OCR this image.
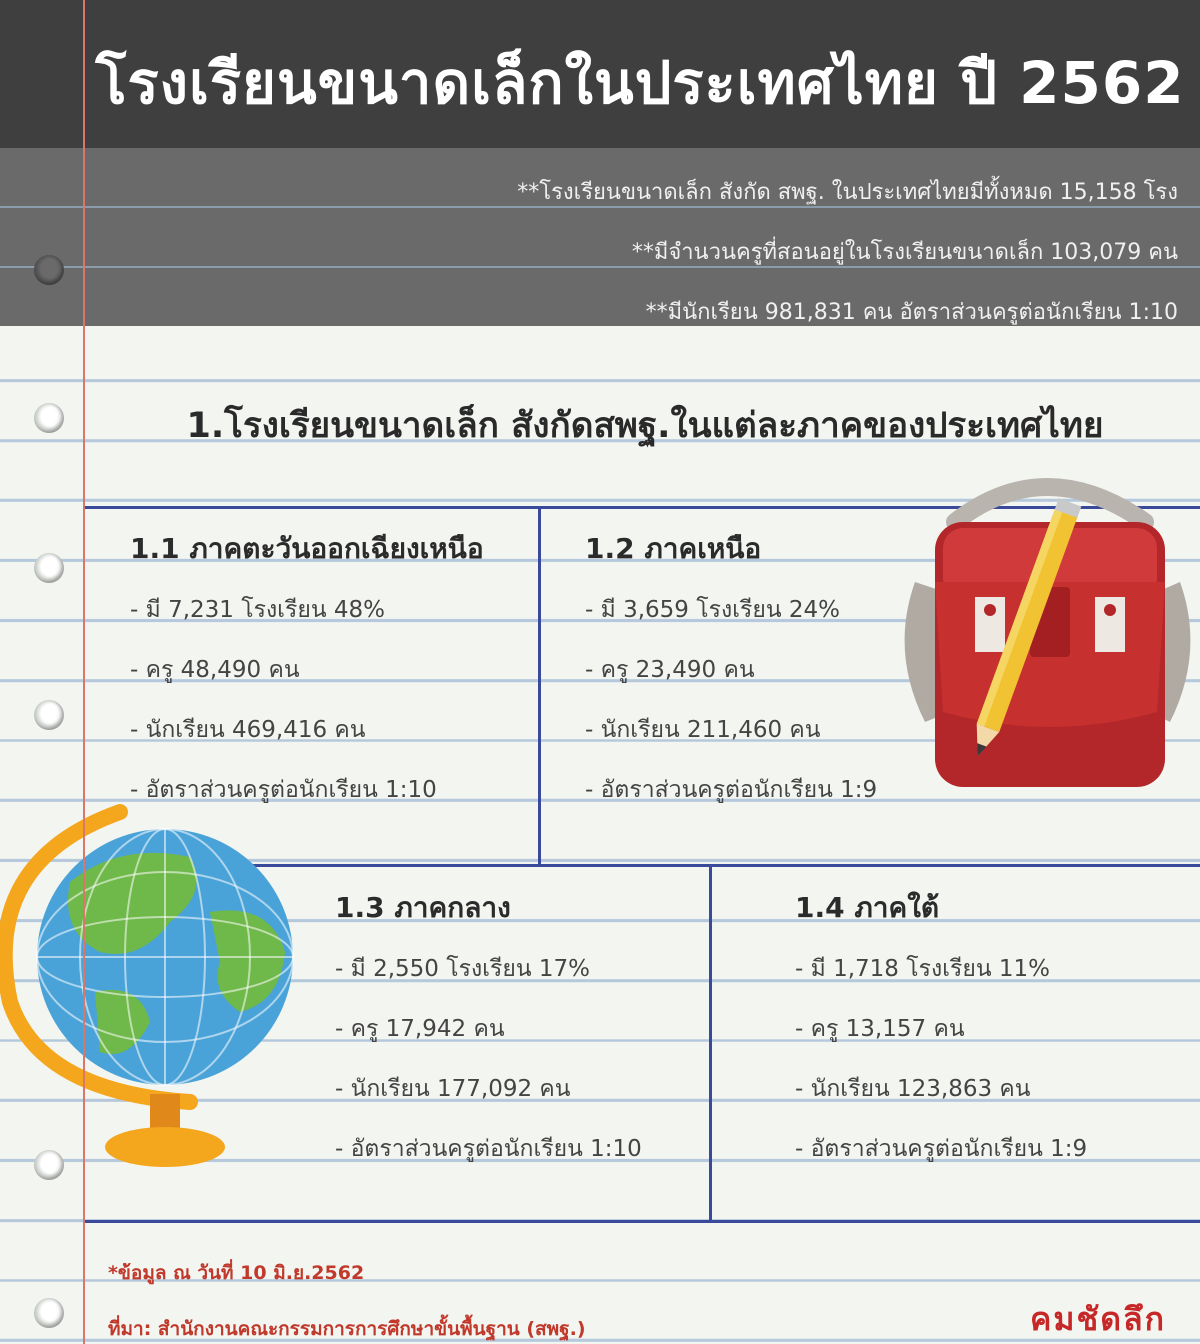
โรงเรียนขนาดเล็กในประเทศไทย ปี 2562
**โรงเรียนขนาดเล็ก สังกัด สพฐ. ในประเทศไทยมีทั้งหมด 15,158 โรง
**มีจำนวนครูที่สอนอยู่ในโรงเรียนขนาดเล็ก 103,079 คน
**มีนักเรียน 981,831 คน อัตราส่วนครูต่อนักเรียน 1:10
1.โรงเรียนขนาดเล็ก สังกัดสพฐ.ในแต่ละภาคของประเทศไทย
1.1 ภาคตะวันออกเฉียงเหนือ
- มี 7,231 โรงเรียน 48%
- ครู 48,490 คน
- นักเรียน 469,416 คน
- อัตราส่วนครูต่อนักเรียน 1:10
1.2 ภาคเหนือ
- มี 3,659 โรงเรียน 24%
- ครู 23,490 คน
- นักเรียน 211,460 คน
- อัตราส่วนครูต่อนักเรียน 1:9
1.3 ภาคกลาง
- มี 2,550 โรงเรียน 17%
- ครู 17,942 คน
- นักเรียน 177,092 คน
- อัตราส่วนครูต่อนักเรียน 1:10
1.4 ภาคใต้
- มี 1,718 โรงเรียน 11%
- ครู 13,157 คน
- นักเรียน 123,863 คน
- อัตราส่วนครูต่อนักเรียน 1:9
*ข้อมูล ณ วันที่ 10 มิ.ย.2562
ที่มา: สำนักงานคณะกรรมการการศึกษาขั้นพื้นฐาน (สพฐ.)	คมชัดลึก
